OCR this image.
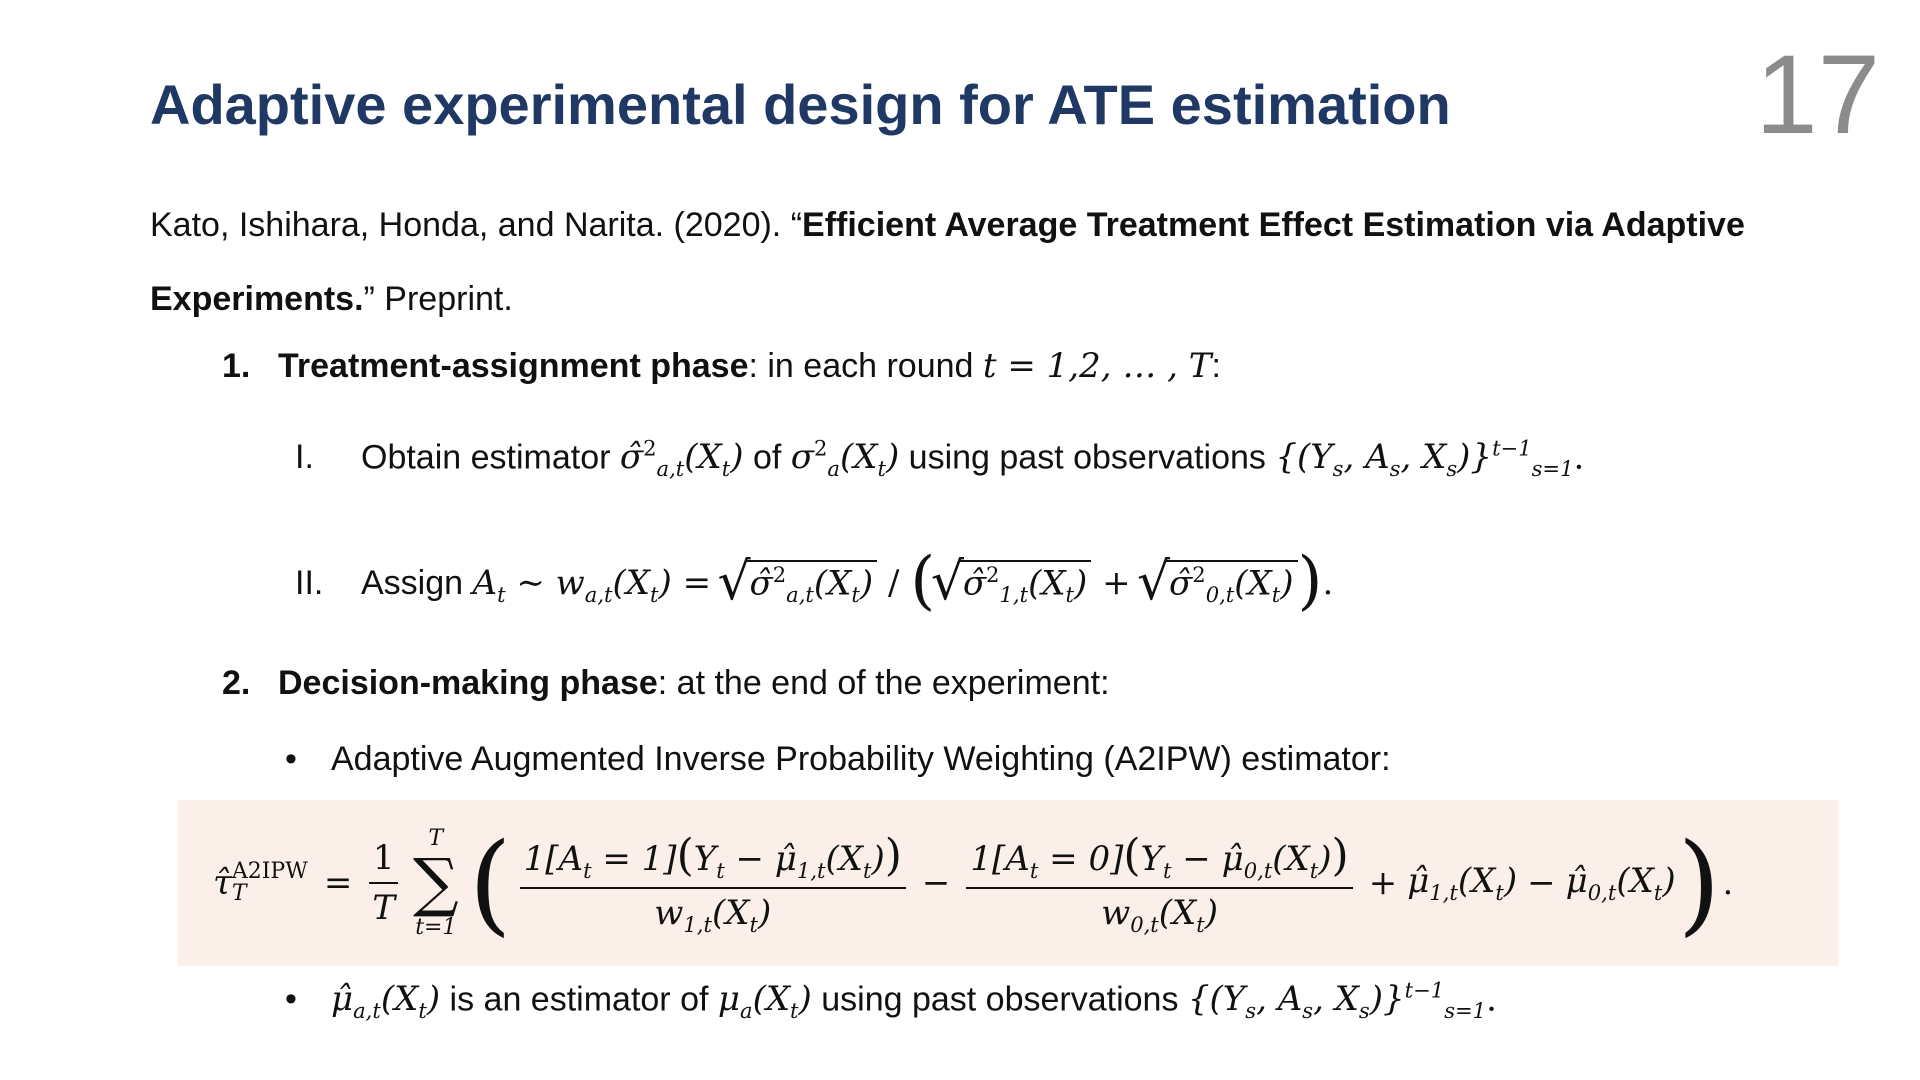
Adaptive experimental design for ATE estimation	17
Kato, Ishihara, Honda, and Narita. (2020). “Efficient Average Treatment Effect Estimation via Adaptive Experiments.” Preprint.
1. Treatment-assignment phase: in each round t = 1,2, … , T:
I. Obtain estimator $\sigmâ^2_{a,t}(X_t)$ of $\sigma^2_a(X_t)$ using past observations {($Y_s$, $A_s$, $X_s)\}^{t-1}_{s=1}$.
II. Assign $A_t$ ∼ $w_{a,t}(X_t)$ = √ $\sigmâ^2_{a,t}(X_t)$ / ( √ $\sigmâ^2_{1,t}(X_t)$ + √ $\sigmâ^2_{0,t}(X_t)$).
2. Decision-making phase: at the end of the experiment:
• Adaptive Augmented Inverse Probability Weighting (A2IPW) estimator:
τ̂ A2IPW
T	= $\frac{1}{T}$ T
∑
t=1 ( $\frac{1[A_t = 1](Y_t - \mû_{1,t}(X_t))}{w_{1,t}(X_t)} - \frac{1[A_t = 0](Y_t - \mû_{0,t}(X_t))}{w_{0,t}(X_t)}$ + $\mû_{1,t}(X_t)$ − $\mû_{0,t}(X_t)$ ) .
• $\mû_{a,t}(X_t)$ is an estimator of $\mu_a(X_t)$ using past observations {($Y_s$, $A_s$, $X_s)\}^{t-1}_{s=1}$.
